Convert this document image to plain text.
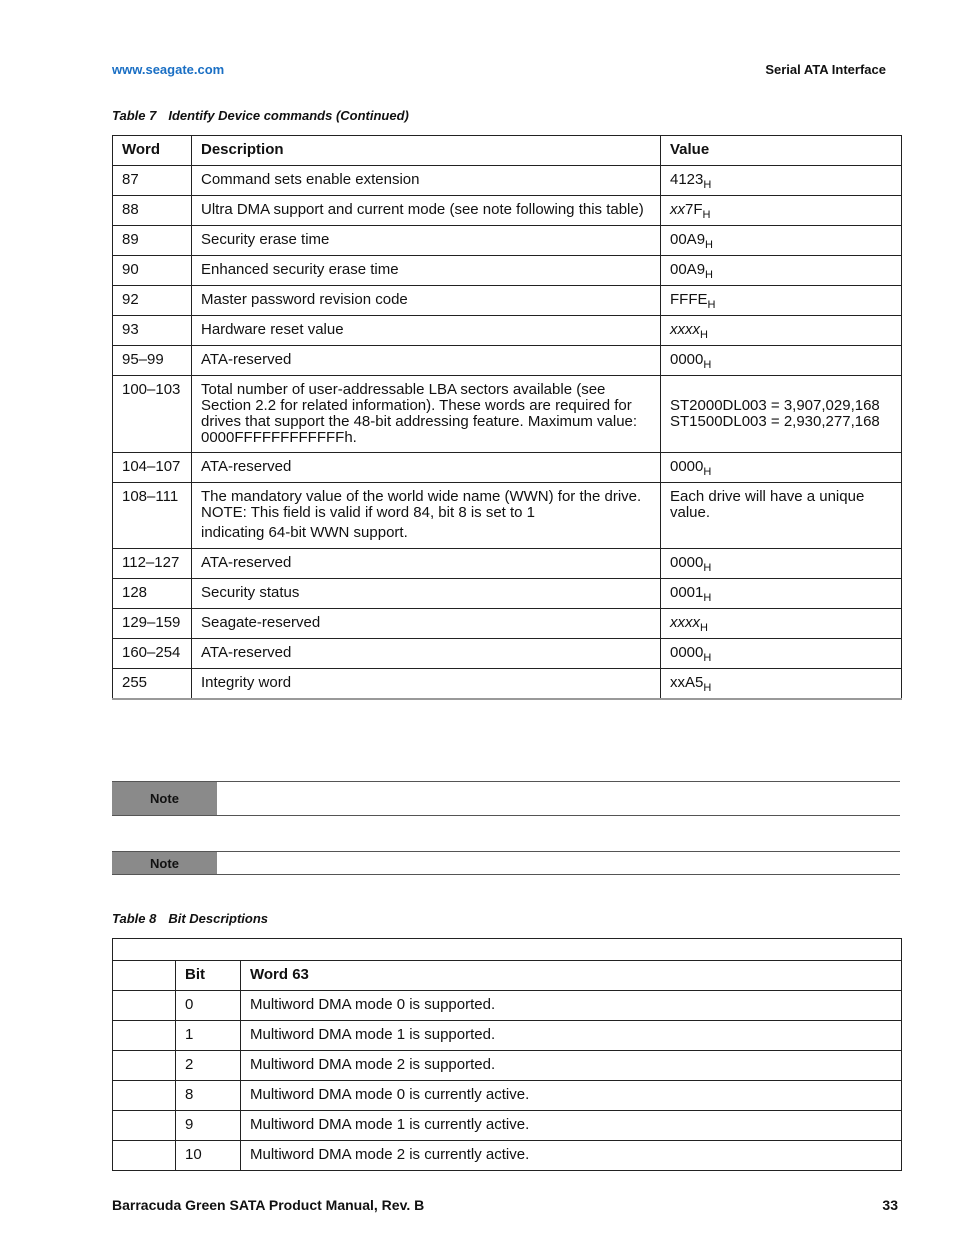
www.seagate.com	Serial ATA Interface
Table 7 Identify Device commands (Continued)
Word	Description	Value
87	Command sets enable extension	$4123_H$
88	Ultra DMA support and current mode (see note following this table)	$xx7F_H$
89	Security erase time	$00A9_H$
90	Enhanced security erase time	$00A9_H$
92	Master password revision code	$FFFE_H$
93	Hardware reset value	xxxx$_H$
95–99	ATA-reserved	$0000_H$
100–103	Total number of user-addressable LBA sectors available (see Section 2.2 for related information). These words are required for drives that support the 48-bit addressing feature. Maximum value: 0000FFFFFFFFFFFFh.	ST2000DL003 = 3,907,029,168
ST1500DL003 = 2,930,277,168

104–107	ATA-reserved	$0000_H$
108–111	The mandatory value of the world wide name (WWN) for the drive. NOTE: This field is valid if word 84, bit 8 is set to 1
indicating 64-bit WWN support.	Each drive will have a unique value.
112–127	ATA-reserved	$0000_H$
128	Security status	$0001_H$
129–159	Seagate-reserved	xxxx$_H$
160–254	ATA-reserved	$0000_H$
255	Integrity word	$xxA5_H$
Note
Note
Table 8 Bit Descriptions

	Bit	Word 63
	0	Multiword DMA mode 0 is supported.
	1	Multiword DMA mode 1 is supported.
	2	Multiword DMA mode 2 is supported.
	8	Multiword DMA mode 0 is currently active.
	9	Multiword DMA mode 1 is currently active.
	10	Multiword DMA mode 2 is currently active.
Barracuda Green SATA Product Manual, Rev. B	33
